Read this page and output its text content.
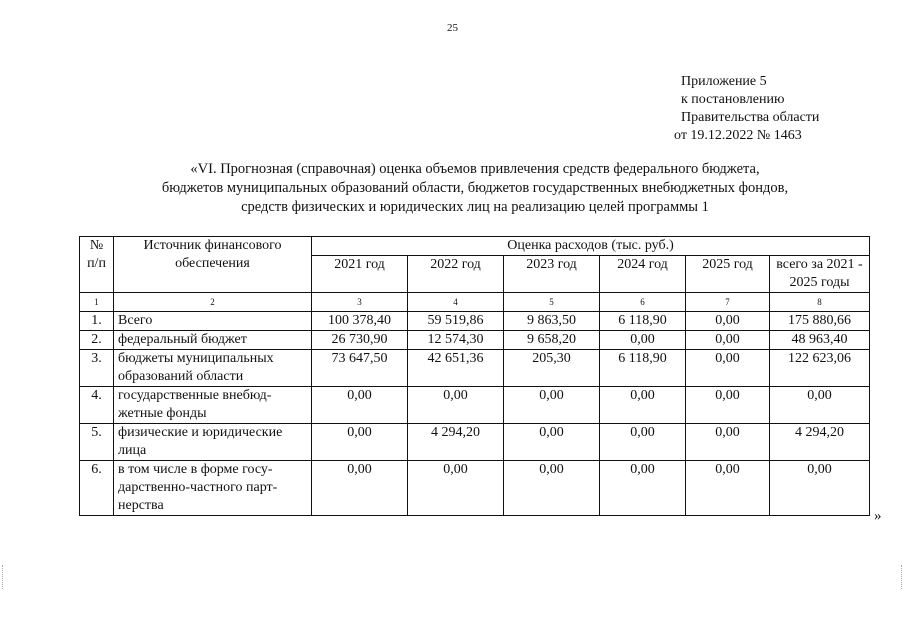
25
Приложение 5
к постановлению
Правительства области
от 19.12.2022 № 1463
«VI. Прогнозная (справочная) оценка объемов привлечения средств федерального бюджета,
бюджетов муниципальных образований области, бюджетов государственных внебюджетных фондов,
средств физических и юридических лиц на реализацию целей программы 1
№ п/п	Источник финансового обеспечения	Оценка расходов (тыс. руб.)					
		2021 год	2022 год	2023 год	2024 год	2025 год	всего за 2021 - 2025 годы
1	2	3	4	5	6	7	8
1.	Всего	100 378,40	59 519,86	9 863,50	6 118,90	0,00	175 880,66
2.	федеральный бюджет	26 730,90	12 574,30	9 658,20	0,00	0,00	48 963,40
3.	бюджеты муниципальных образований области	73 647,50	42 651,36	205,30	6 118,90	0,00	122 623,06
4.	государственные внебюд-жетные фонды	0,00	0,00	0,00	0,00	0,00	0,00
5.	физические и юридические лица	0,00	4 294,20	0,00	0,00	0,00	4 294,20
6.	в том числе в форме госу-дарственно-частного парт-нерства	0,00	0,00	0,00	0,00	0,00	0,00
»
